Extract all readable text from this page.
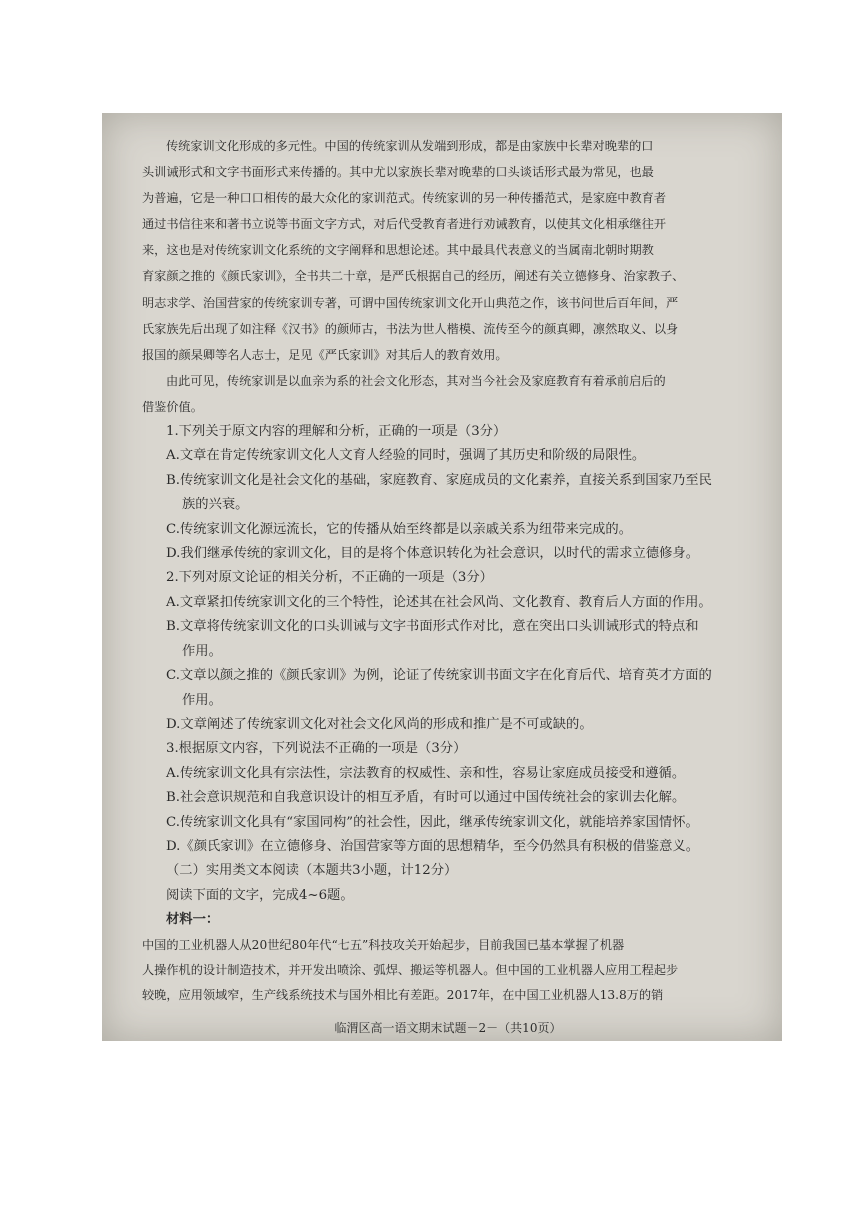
传统家训文化形成的多元性。中国的传统家训从发端到形成，都是由家族中长辈对晚辈的口

头训诫形式和文字书面形式来传播的。其中尤以家族长辈对晚辈的口头谈话形式最为常见，也最

为普遍，它是一种口口相传的最大众化的家训范式。传统家训的另一种传播范式，是家庭中教育者

通过书信往来和著书立说等书面文字方式，对后代受教育者进行劝诫教育，以使其文化相承继往开

来，这也是对传统家训文化系统的文字阐释和思想论述。其中最具代表意义的当属南北朝时期教

育家颜之推的《颜氏家训》，全书共二十章，是严氏根据自己的经历，阐述有关立德修身、治家教子、

明志求学、治国营家的传统家训专著，可谓中国传统家训文化开山典范之作，该书问世后百年间，严

氏家族先后出现了如注释《汉书》的颜师古，书法为世人楷模、流传至今的颜真卿，凛然取义、以身

报国的颜杲卿等名人志士，足见《严氏家训》对其后人的教育效用。

由此可见，传统家训是以血亲为系的社会文化形态，其对当今社会及家庭教育有着承前启后的

借鉴价值。

1.下列关于原文内容的理解和分析，正确的一项是（3分）

A.文章在肯定传统家训文化人文育人经验的同时，强调了其历史和阶级的局限性。

B.传统家训文化是社会文化的基础，家庭教育、家庭成员的文化素养，直接关系到国家乃至民

族的兴衰。

C.传统家训文化源远流长，它的传播从始至终都是以亲戚关系为纽带来完成的。

D.我们继承传统的家训文化，目的是将个体意识转化为社会意识，以时代的需求立德修身。

2.下列对原文论证的相关分析，不正确的一项是（3分）

A.文章紧扣传统家训文化的三个特性，论述其在社会风尚、文化教育、教育后人方面的作用。

B.文章将传统家训文化的口头训诫与文字书面形式作对比，意在突出口头训诫形式的特点和

作用。

C.文章以颜之推的《颜氏家训》为例，论证了传统家训书面文字在化育后代、培育英才方面的

作用。

D.文章阐述了传统家训文化对社会文化风尚的形成和推广是不可或缺的。

3.根据原文内容，下列说法不正确的一项是（3分）

A.传统家训文化具有宗法性，宗法教育的权威性、亲和性，容易让家庭成员接受和遵循。

B.社会意识规范和自我意识设计的相互矛盾，有时可以通过中国传统社会的家训去化解。

C.传统家训文化具有“家国同构”的社会性，因此，继承传统家训文化，就能培养家国情怀。

D.《颜氏家训》在立德修身、治国营家等方面的思想精华，至今仍然具有积极的借鉴意义。

（二）实用类文本阅读（本题共3小题，计12分）

阅读下面的文字，完成4~6题。

材料一：

中国的工业机器人从20世纪80年代“七五”科技攻关开始起步，目前我国已基本掌握了机器

人操作机的设计制造技术，并开发出喷涂、弧焊、搬运等机器人。但中国的工业机器人应用工程起步

较晚，应用领域窄，生产线系统技术与国外相比有差距。2017年，在中国工业机器人13.8万的销

临渭区高一语文期末试题－2－（共10页）
